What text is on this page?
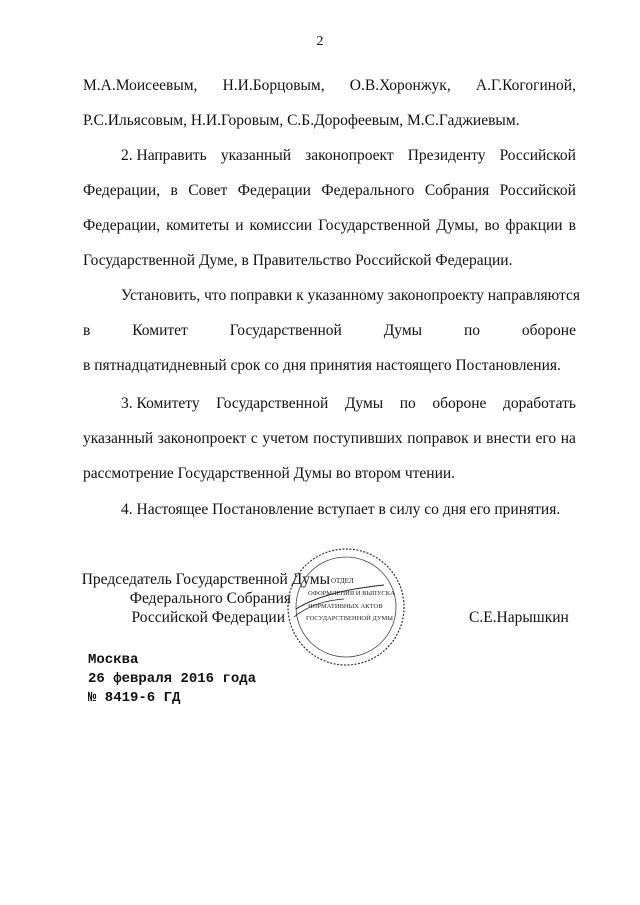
2
М.А.Моисеевым, Н.И.Борцовым, О.В.Хоронжук, А.Г.Когогиной,
Р.С.Ильясовым, Н.И.Горовым, С.Б.Дорофеевым, М.С.Гаджиевым.
2. Направить указанный законопроект Президенту Российской
Федерации, в Совет Федерации Федерального Собрания Российской
Федерации, комитеты и комиссии Государственной Думы, во фракции в
Государственной Думе, в Правительство Российской Федерации.
Установить, что поправки к указанному законопроекту направляются
в	Комитет	Государственной	Думы	по	обороне
в пятнадцатидневный срок со дня принятия настоящего Постановления.
3. Комитету Государственной Думы по обороне доработать
указанный законопроект с учетом поступивших поправок и внести его на
рассмотрение Государственной Думы во втором чтении.
4. Настоящее Постановление вступает в силу со дня его принятия.
Председатель Государственной Думы
Федерального Собрания
Российской Федерации	С.Е.Нарышкин
ОТДЕЛ
ОФОРМЛЕНИЯ И ВЫПУСКА
НОРМАТИВНЫХ АКТОВ
ГОСУДАРСТВЕННОЙ ДУМЫ
Москва
26 февраля 2016 года
№ 8419-6 ГД
